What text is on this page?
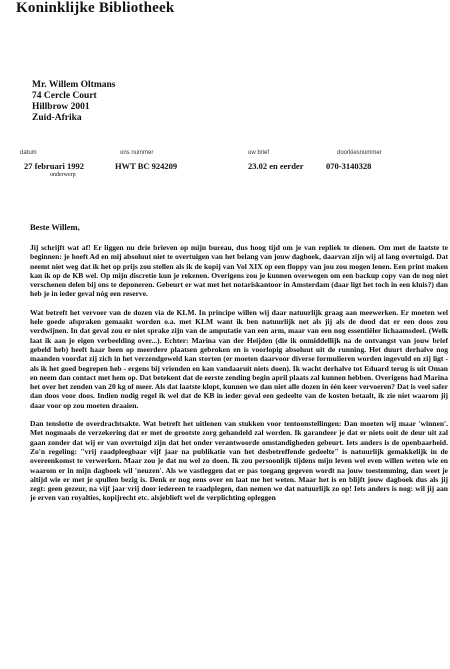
Koninklijke Bibliotheek
Mr. Willem Oltmans
74 Cercle Court
Hillbrow 2001
Zuid-Afrika
datum	ons nummer	uw brief	doorkiesnummer
27 februari 1992	HWT BC 924209	23.02 en eerder	070-3140328
onderwerp
Beste Willem,

Jij schrijft wat af! Er liggen nu drie brieven op mijn bureau, dus hoog tijd om je van repliek te dienen. Om met de laatste te beginnen: je hoeft Ad en mij absoluut niet te overtuigen van het belang van jouw dagboek, daarvan zijn wij al lang overtuigd. Dat neemt niet weg dat ik het op prijs zou stellen als ik de kopij van Vol XIX op een floppy van jou zou mogen lenen. Een print maken kan ik op de KB wel. Op mijn discretie kun je rekenen. Overigens zou je kunnen overwegen om een backup copy van de nog niet verschenen delen bij ons te deponeren. Gebeurt er wat met het notariskantoor in Amsterdam (daar ligt het toch in een kluis?) dan heb je in ieder geval nóg een reserve.

Wat betreft het vervoer van de dozen via de KLM. In principe willen wij daar natuurlijk graag aan meewerken. Er moeten wel hele goede afspraken gemaakt worden o.a. met KLM want ik ben natuurlijk net als jij als de dood dat er een doos zou verdwijnen. In dat geval zou er niet sprake zijn van de amputatie van een arm, maar van een nog essentiëler lichaamsdeel. (Welk laat ik aan je eigen verbeelding over...). Echter: Marina van der Heijden (die ik onmiddellijk na de ontvangst van jouw brief gebeld heb) heeft haar been op meerdere plaatsen gebroken en is voorlopig absoluut uit de running. Het duurt derhalve nog maanden voordat zij zich in het verzendgeweld kan storten (er moeten daarvoor diverse formulieren worden ingevuld en zij ligt - als ik het goed begrepen heb - ergens bij vrienden en kan vandaaruit niets doen). Ik wacht derhalve tot Eduard terug is uit Oman en neem dan contact met hem op. Dat betekent dat de eerste zending begin april plaats zal kunnen hebben. Overigens had Marina het over het zenden van 20 kg of meer. Als dat laatste klopt, kunnen we dan niet alle dozen in één keer vervoeren? Dat is veel safer dan doos voor doos. Indien nodig regel ik wel dat de KB in ieder geval een gedeelte van de kosten betaalt, ik zie niet waarom jij daar voor op zou moeten draaien.

Dan tenslotte de overdrachtsakte. Wat betreft het uitlenen van stukken voor tentoonstellingen: Dan moeten wij maar 'winnen'. Met nogmaals de verzekering dat er met de grootste zorg gehandeld zal worden. Ik garandeer je dat er niets ooit de deur uit zal gaan zonder dat wij er van overtuigd zijn dat het onder verantwoorde omstandigheden gebeurt. Iets anders is de openbaarheid. Zo'n regeling: "vrij raadpleegbaar vijf jaar na publikatie van het desbetreffende gedeelte" is natuurlijk gemakkelijk in de overeenkomst te verwerken. Maar zou je dat nu wel zo doen. Ik zou persoonlijk tijdens mijn leven wel even willen weten wie en waarom er in mijn dagboek wil 'neuzen'. Als we vastleggen dat er pas toegang gegeven wordt na jouw toestemming, dan weet je altijd wie er met je spullen bezig is. Denk er nog eens over en laat me het weten. Maar het is en blijft jouw dagboek dus als jij zegt: geen gezeur, na vijf jaar vrij door iedereen te raadplegen, dan nemen we dat natuurlijk zo op! Iets anders is nog: wil jij aan je erven van royalties, kopijrecht etc. alsjeblieft wel de verplichting opleggen
